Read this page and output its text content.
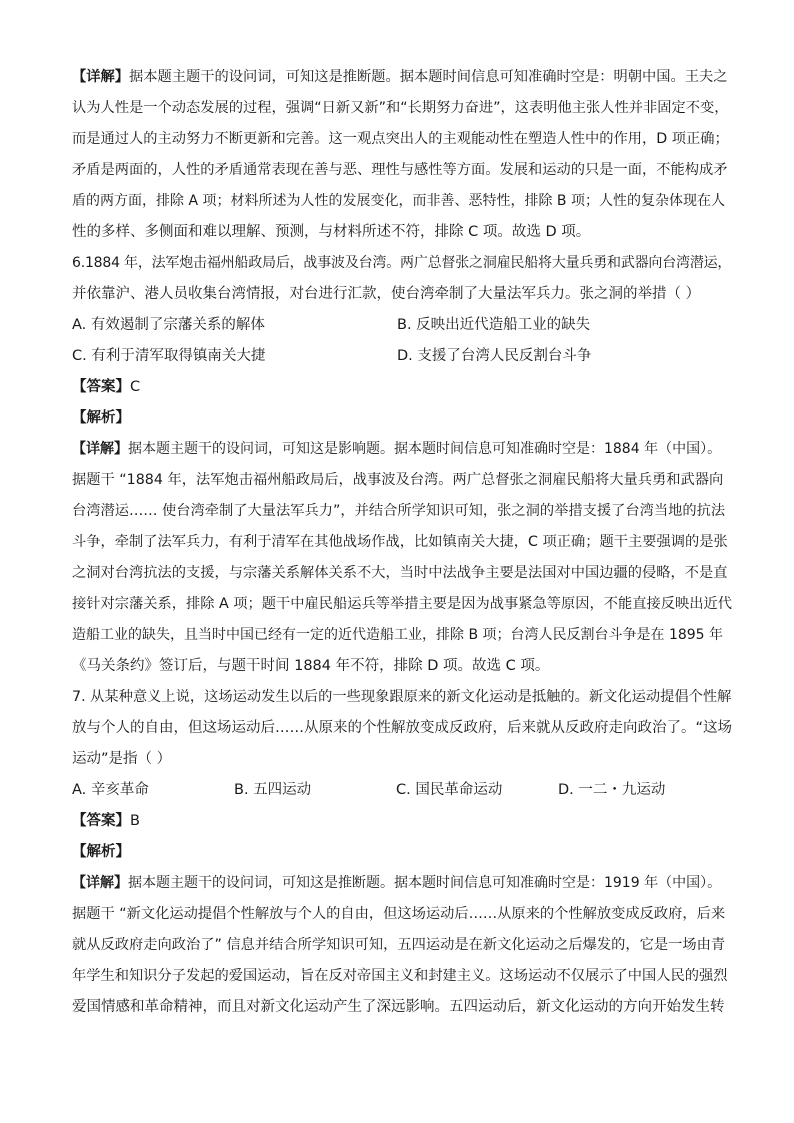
【详解】据本题主题干的设问词，可知这是推断题。据本题时间信息可知准确时空是：明朝中国。王夫之
认为人性是一个动态发展的过程，强调“日新又新”和“长期努力奋进”，这表明他主张人性并非固定不变，
而是通过人的主动努力不断更新和完善。这一观点突出人的主观能动性在塑造人性中的作用，D 项正确；
矛盾是两面的，人性的矛盾通常表现在善与恶、理性与感性等方面。发展和运动的只是一面，不能构成矛
盾的两方面，排除 A 项；材料所述为人性的发展变化，而非善、恶特性，排除 B 项；人性的复杂体现在人
性的多样、多侧面和难以理解、预测，与材料所述不符，排除 C 项。故选 D 项。
6.1884 年，法军炮击福州船政局后，战事波及台湾。两广总督张之洞雇民船将大量兵勇和武器向台湾潜运，
并依靠沪、港人员收集台湾情报，对台进行汇款，使台湾牵制了大量法军兵力。张之洞的举措（ ）
A. 有效遏制了宗藩关系的解体	B. 反映出近代造船工业的缺失
C. 有利于清军取得镇南关大捷	D. 支援了台湾人民反割台斗争
【答案】C
【解析】
【详解】据本题主题干的设问词，可知这是影响题。据本题时间信息可知准确时空是：1884 年（中国）。
据题干 “1884 年，法军炮击福州船政局后，战事波及台湾。两广总督张之洞雇民船将大量兵勇和武器向
台湾潜运…… 使台湾牵制了大量法军兵力”，并结合所学知识可知，张之洞的举措支援了台湾当地的抗法
斗争，牵制了法军兵力，有利于清军在其他战场作战，比如镇南关大捷，C 项正确；题干主要强调的是张
之洞对台湾抗法的支援，与宗藩关系解体关系不大，当时中法战争主要是法国对中国边疆的侵略，不是直
接针对宗藩关系，排除 A 项；题干中雇民船运兵等举措主要是因为战事紧急等原因，不能直接反映出近代
造船工业的缺失，且当时中国已经有一定的近代造船工业，排除 B 项；台湾人民反割台斗争是在 1895 年
《马关条约》签订后，与题干时间 1884 年不符，排除 D 项。故选 C 项。
7. 从某种意义上说，这场运动发生以后的一些现象跟原来的新文化运动是抵触的。新文化运动提倡个性解
放与个人的自由，但这场运动后……从原来的个性解放变成反政府，后来就从反政府走向政治了。“这场
运动”是指（ ）
A. 辛亥革命	B. 五四运动	C. 国民革命运动	D. 一二・九运动
【答案】B
【解析】
【详解】据本题主题干的设问词，可知这是推断题。据本题时间信息可知准确时空是：1919 年（中国）。
据题干 “新文化运动提倡个性解放与个人的自由，但这场运动后……从原来的个性解放变成反政府，后来
就从反政府走向政治了” 信息并结合所学知识可知，五四运动是在新文化运动之后爆发的，它是一场由青
年学生和知识分子发起的爱国运动，旨在反对帝国主义和封建主义。这场运动不仅展示了中国人民的强烈
爱国情感和革命精神，而且对新文化运动产生了深远影响。五四运动后，新文化运动的方向开始发生转
